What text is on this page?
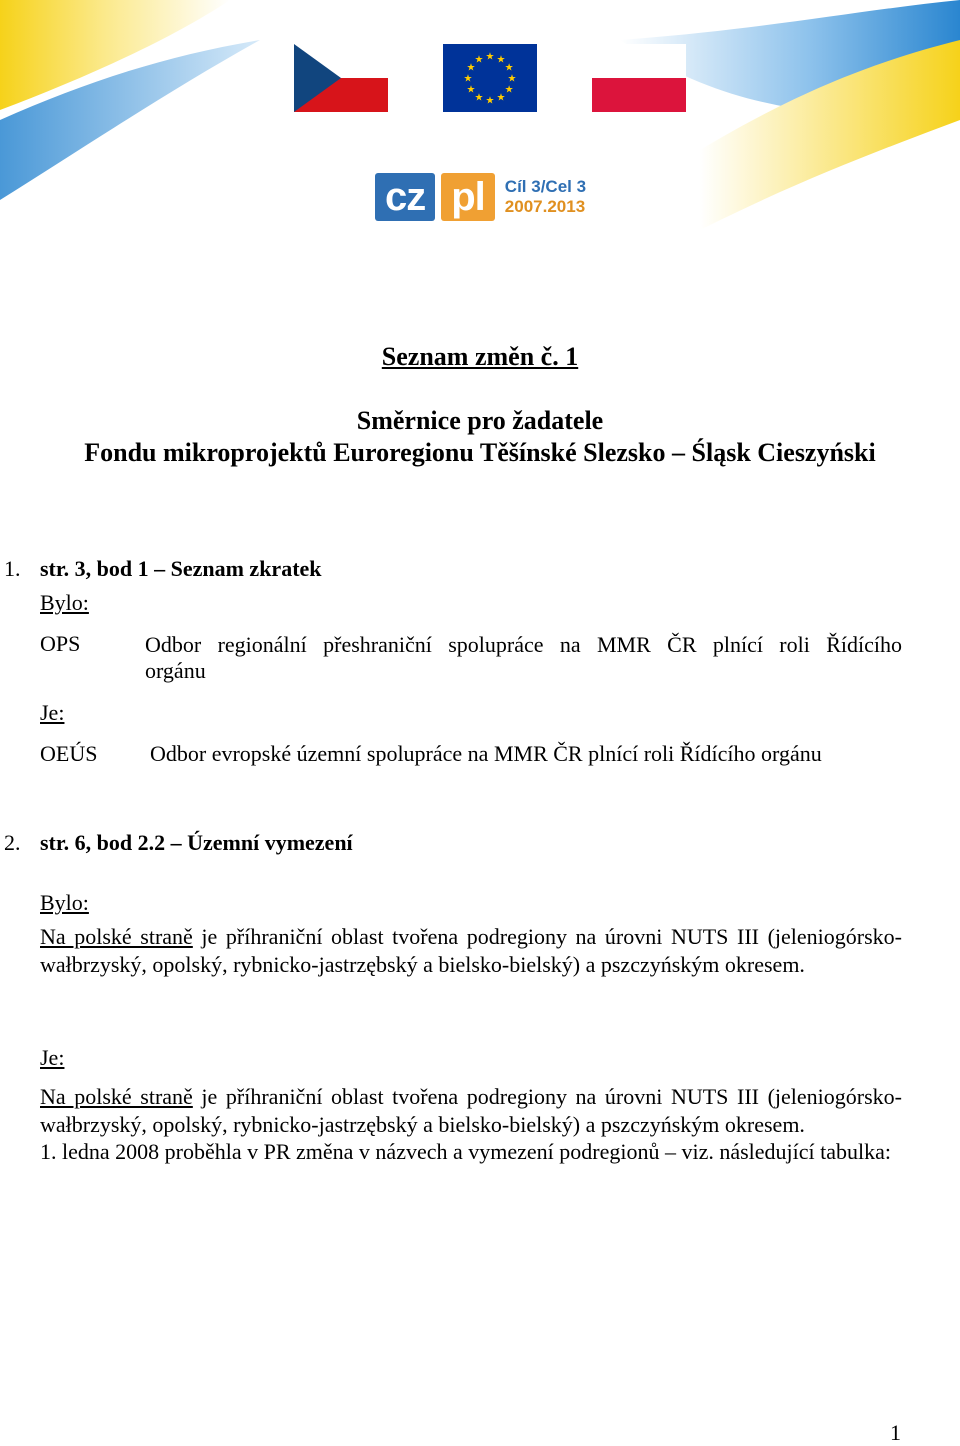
★ ★
★
★
★
★
★
★
★
★
★
★
cz pl	Cíl 3/Cel 3
2007.2013
Seznam změn č. 1
Směrnice pro žadatele
Fondu mikroprojektů Euroregionu Těšínské Slezsko – Śląsk Cieszyński
1. str. 3, bod 1 – Seznam zkratek
Bylo:
OPS	Odbor regionální přeshraniční spolupráce na MMR ČR plnící roli Řídícího
orgánu
Je:
OEÚS Odbor evropské územní spolupráce na MMR ČR plnící roli Řídícího orgánu
2. str. 6, bod 2.2 – Územní vymezení
Bylo:

Na polské straně je příhraniční oblast tvořena podregiony na úrovni NUTS III (jeleniogórsko-wałbrzyský, opolský, rybnicko-jastrzębský a bielsko-bielský) a pszczyńským okresem.

Je:

Na polské straně je příhraniční oblast tvořena podregiony na úrovni NUTS III (jeleniogórsko-wałbrzyský, opolský, rybnicko-jastrzębský a bielsko-bielský) a pszczyńským okresem.

1. ledna 2008 proběhla v PR změna v názvech a vymezení podregionů – viz. následující tabulka:

1
